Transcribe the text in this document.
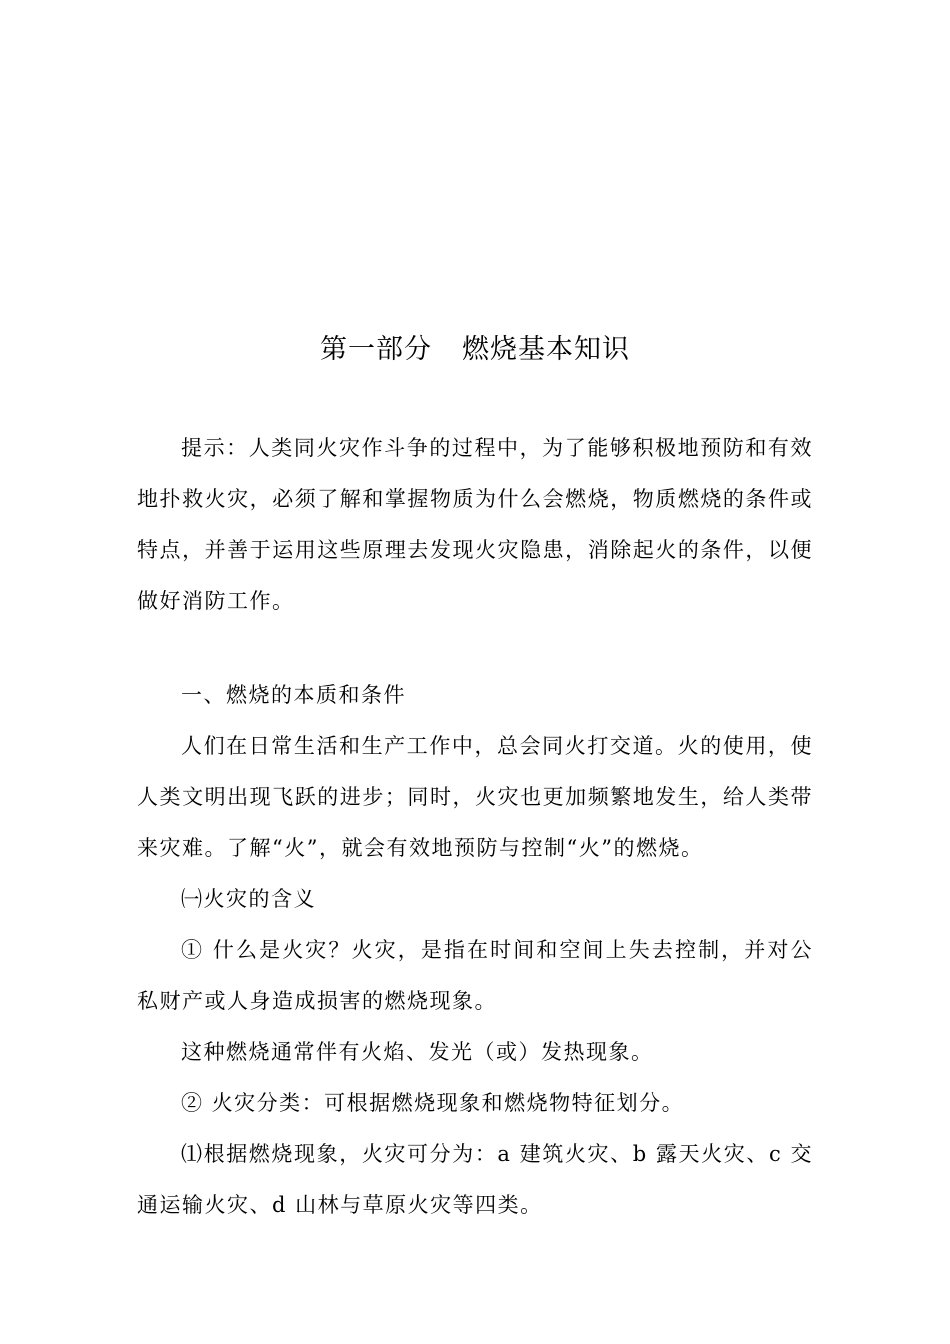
第一部分 燃烧基本知识

提示：人类同火灾作斗争的过程中，为了能够积极地预防和有效地扑救火灾，必须了解和掌握物质为什么会燃烧，物质燃烧的条件或特点，并善于运用这些原理去发现火灾隐患，消除起火的条件，以便做好消防工作。

一、燃烧的本质和条件

人们在日常生活和生产工作中，总会同火打交道。火的使用，使人类文明出现飞跃的进步；同时，火灾也更加频繁地发生，给人类带来灾难。了解“火”，就会有效地预防与控制“火”的燃烧。

㈠火灾的含义

① 什么是火灾？火灾，是指在时间和空间上失去控制，并对公私财产或人身造成损害的燃烧现象。

这种燃烧通常伴有火焰、发光（或）发热现象。

② 火灾分类：可根据燃烧现象和燃烧物特征划分。

⑴根据燃烧现象，火灾可分为：a 建筑火灾、b 露天火灾、c 交通运输火灾、d 山林与草原火灾等四类。
